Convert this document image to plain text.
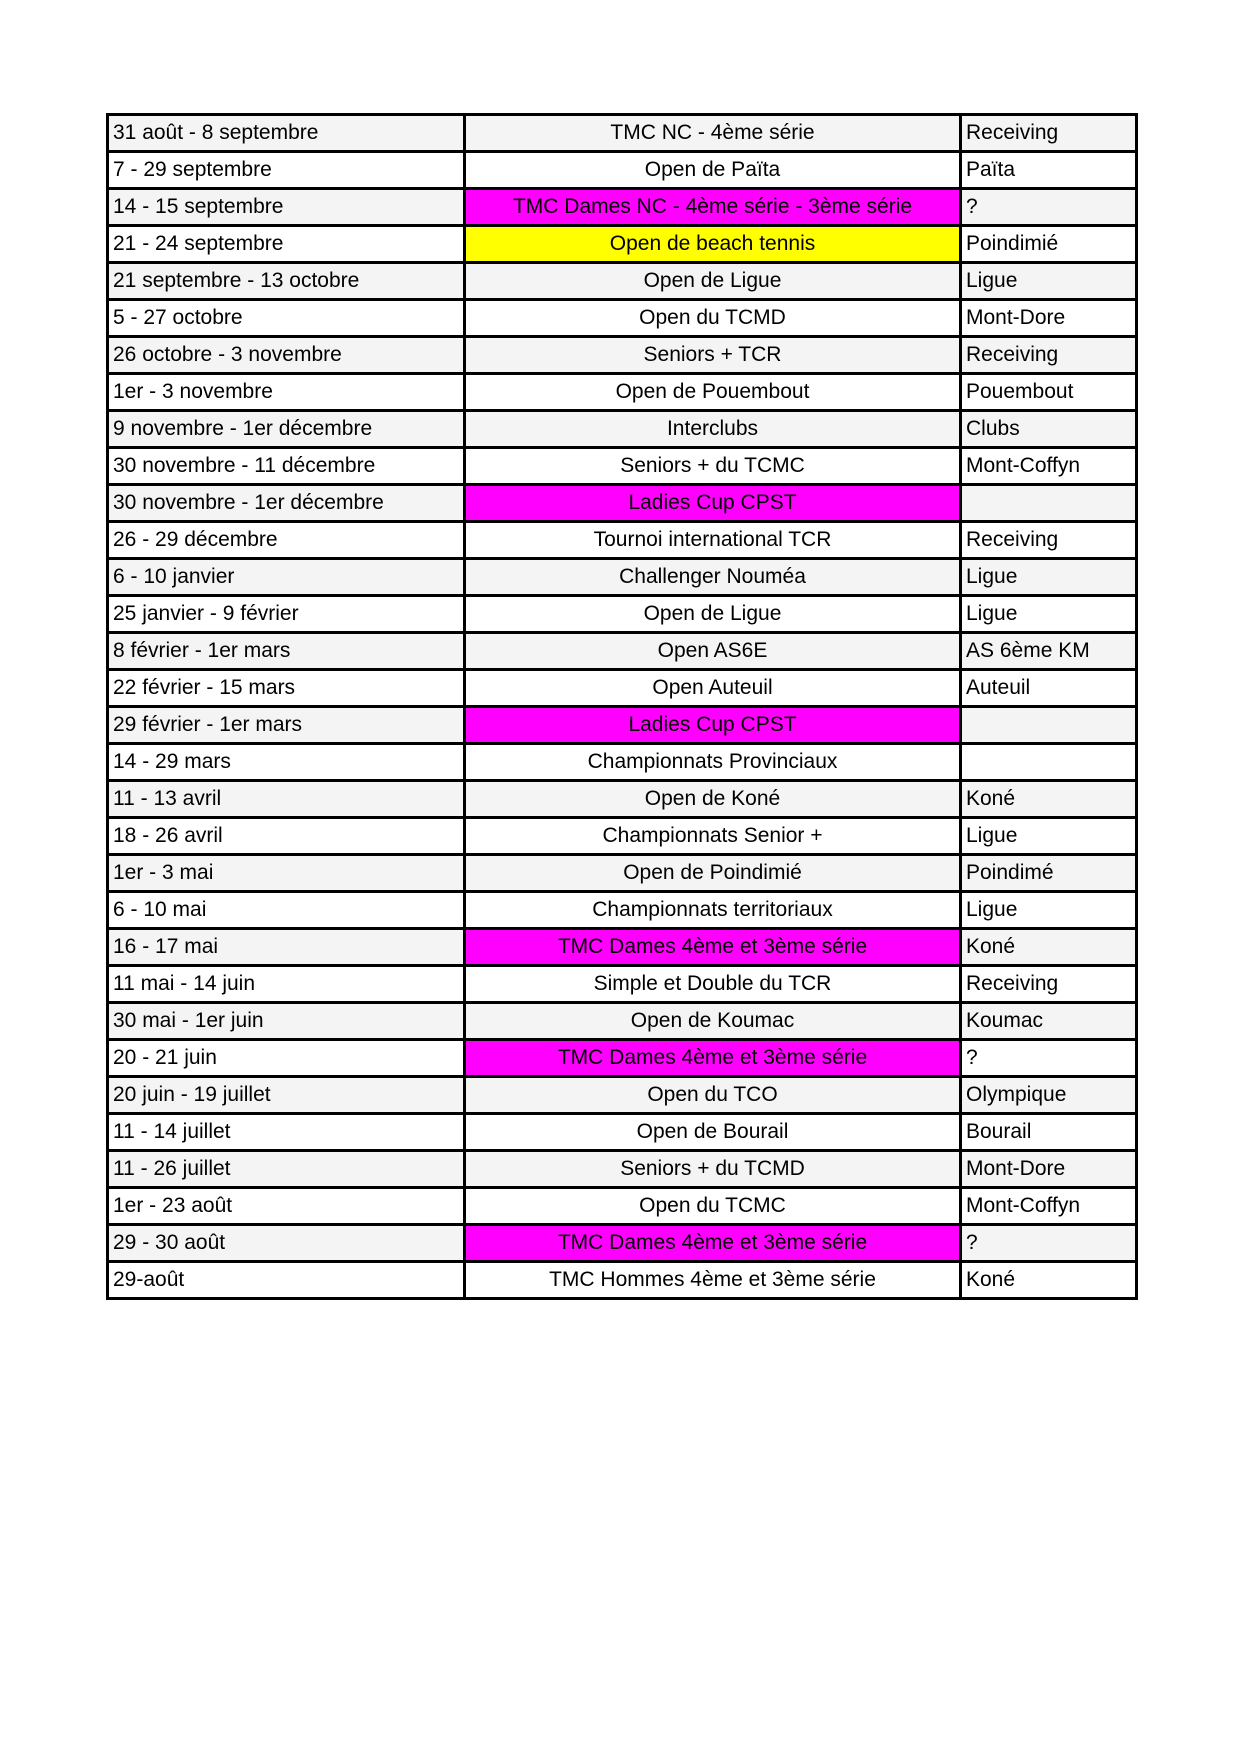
31 août - 8 septembre	TMC NC - 4ème série	Receiving
7 - 29 septembre	Open de Païta	Païta
14 - 15 septembre	TMC Dames NC - 4ème série - 3ème série	?
21 - 24 septembre	Open de beach tennis	Poindimié
21 septembre - 13 octobre	Open de Ligue	Ligue
5 - 27 octobre	Open du TCMD	Mont-Dore
26 octobre - 3 novembre	Seniors + TCR	Receiving
1er - 3 novembre	Open de Pouembout	Pouembout
9 novembre - 1er décembre	Interclubs	Clubs
30 novembre - 11 décembre	Seniors + du TCMC	Mont-Coffyn
30 novembre - 1er décembre	Ladies Cup CPST	
26 - 29 décembre	Tournoi international TCR	Receiving
6 - 10 janvier	Challenger Nouméa	Ligue
25 janvier - 9 février	Open de Ligue	Ligue
8 février - 1er mars	Open AS6E	AS 6ème KM
22 février - 15 mars	Open Auteuil	Auteuil
29 février - 1er mars	Ladies Cup CPST	
14 - 29 mars	Championnats Provinciaux	
11 - 13 avril	Open de Koné	Koné
18 - 26 avril	Championnats Senior +	Ligue
1er - 3 mai	Open de Poindimié	Poindimé
6 - 10 mai	Championnats territoriaux	Ligue
16 - 17 mai	TMC Dames 4ème et 3ème série	Koné
11 mai - 14 juin	Simple et Double du TCR	Receiving
30 mai - 1er juin	Open de Koumac	Koumac
20 - 21 juin	TMC Dames 4ème et 3ème série	?
20 juin - 19 juillet	Open du TCO	Olympique
11 - 14 juillet	Open de Bourail	Bourail
11 - 26 juillet	Seniors + du TCMD	Mont-Dore
1er - 23 août	Open du TCMC	Mont-Coffyn
29 - 30 août	TMC Dames 4ème et 3ème série	?
29-août	TMC Hommes 4ème et 3ème série	Koné
